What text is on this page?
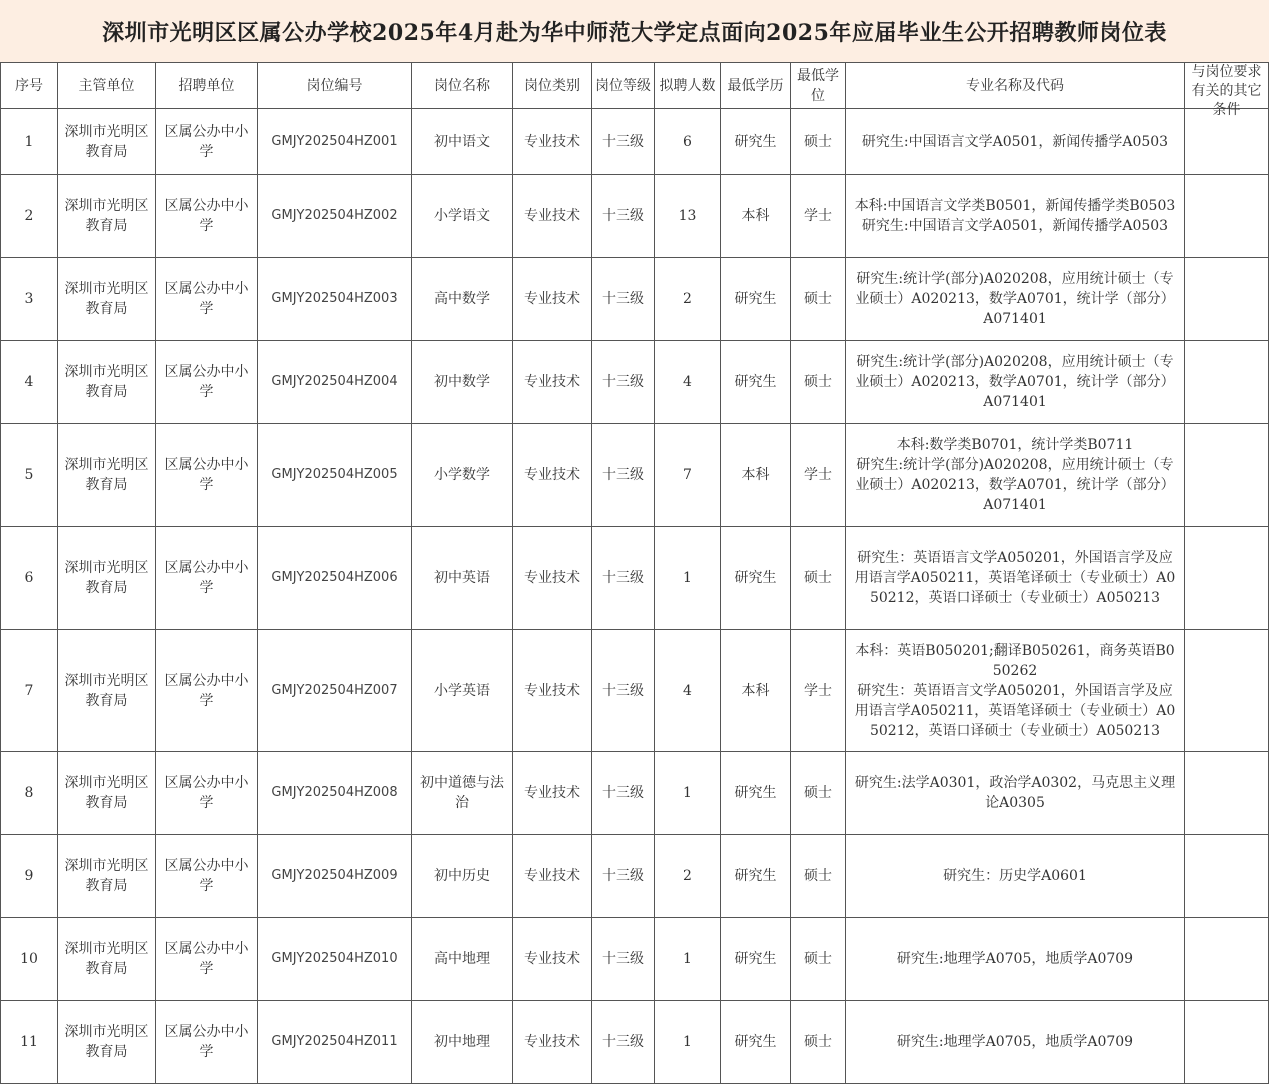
深圳市光明区区属公办学校2025年4月赴为华中师范大学定点面向2025年应届毕业生公开招聘教师岗位表
序号	主管单位	招聘单位	岗位编号	岗位名称	岗位类别	岗位等级	拟聘人数	最低学历	最低学位	专业名称及代码	与岗位要求有关的其它条件

1	深圳市光明区教育局	区属公办中小学	GMJY202504HZ001	初中语文	专业技术	十三级	6	研究生	硕士	研究生:中国语言文学A0501，新闻传播学A0503	

2	深圳市光明区教育局	区属公办中小学	GMJY202504HZ002	小学语文	专业技术	十三级	13	本科	学士	本科:中国语言文学类B0501，新闻传播学类B0503
研究生:中国语言文学A0501，新闻传播学A0503	

3	深圳市光明区教育局	区属公办中小学	GMJY202504HZ003	高中数学	专业技术	十三级	2	研究生	硕士	研究生:统计学(部分)A020208，应用统计硕士（专业硕士）A020213，数学A0701，统计学（部分）A071401	

4	深圳市光明区教育局	区属公办中小学	GMJY202504HZ004	初中数学	专业技术	十三级	4	研究生	硕士	研究生:统计学(部分)A020208，应用统计硕士（专业硕士）A020213，数学A0701，统计学（部分）A071401	

5	深圳市光明区教育局	区属公办中小学	GMJY202504HZ005	小学数学	专业技术	十三级	7	本科	学士	本科:数学类B0701，统计学类B0711
研究生:统计学(部分)A020208，应用统计硕士（专业硕士）A020213，数学A0701，统计学（部分）A071401	

6	深圳市光明区教育局	区属公办中小学	GMJY202504HZ006	初中英语	专业技术	十三级	1	研究生	硕士	研究生：英语语言文学A050201，外国语言学及应用语言学A050211，英语笔译硕士（专业硕士）A050212，英语口译硕士（专业硕士）A050213	

7	深圳市光明区教育局	区属公办中小学	GMJY202504HZ007	小学英语	专业技术	十三级	4	本科	学士	本科：英语B050201;翻译B050261，商务英语B050262
研究生：英语语言文学A050201，外国语言学及应用语言学A050211，英语笔译硕士（专业硕士）A050212，英语口译硕士（专业硕士）A050213	

8	深圳市光明区教育局	区属公办中小学	GMJY202504HZ008	初中道德与法治	专业技术	十三级	1	研究生	硕士	研究生:法学A0301，政治学A0302，马克思主义理论A0305	

9	深圳市光明区教育局	区属公办中小学	GMJY202504HZ009	初中历史	专业技术	十三级	2	研究生	硕士	研究生：历史学A0601	

10	深圳市光明区教育局	区属公办中小学	GMJY202504HZ010	高中地理	专业技术	十三级	1	研究生	硕士	研究生:地理学A0705，地质学A0709	

11	深圳市光明区教育局	区属公办中小学	GMJY202504HZ011	初中地理	专业技术	十三级	1	研究生	硕士	研究生:地理学A0705，地质学A0709	
